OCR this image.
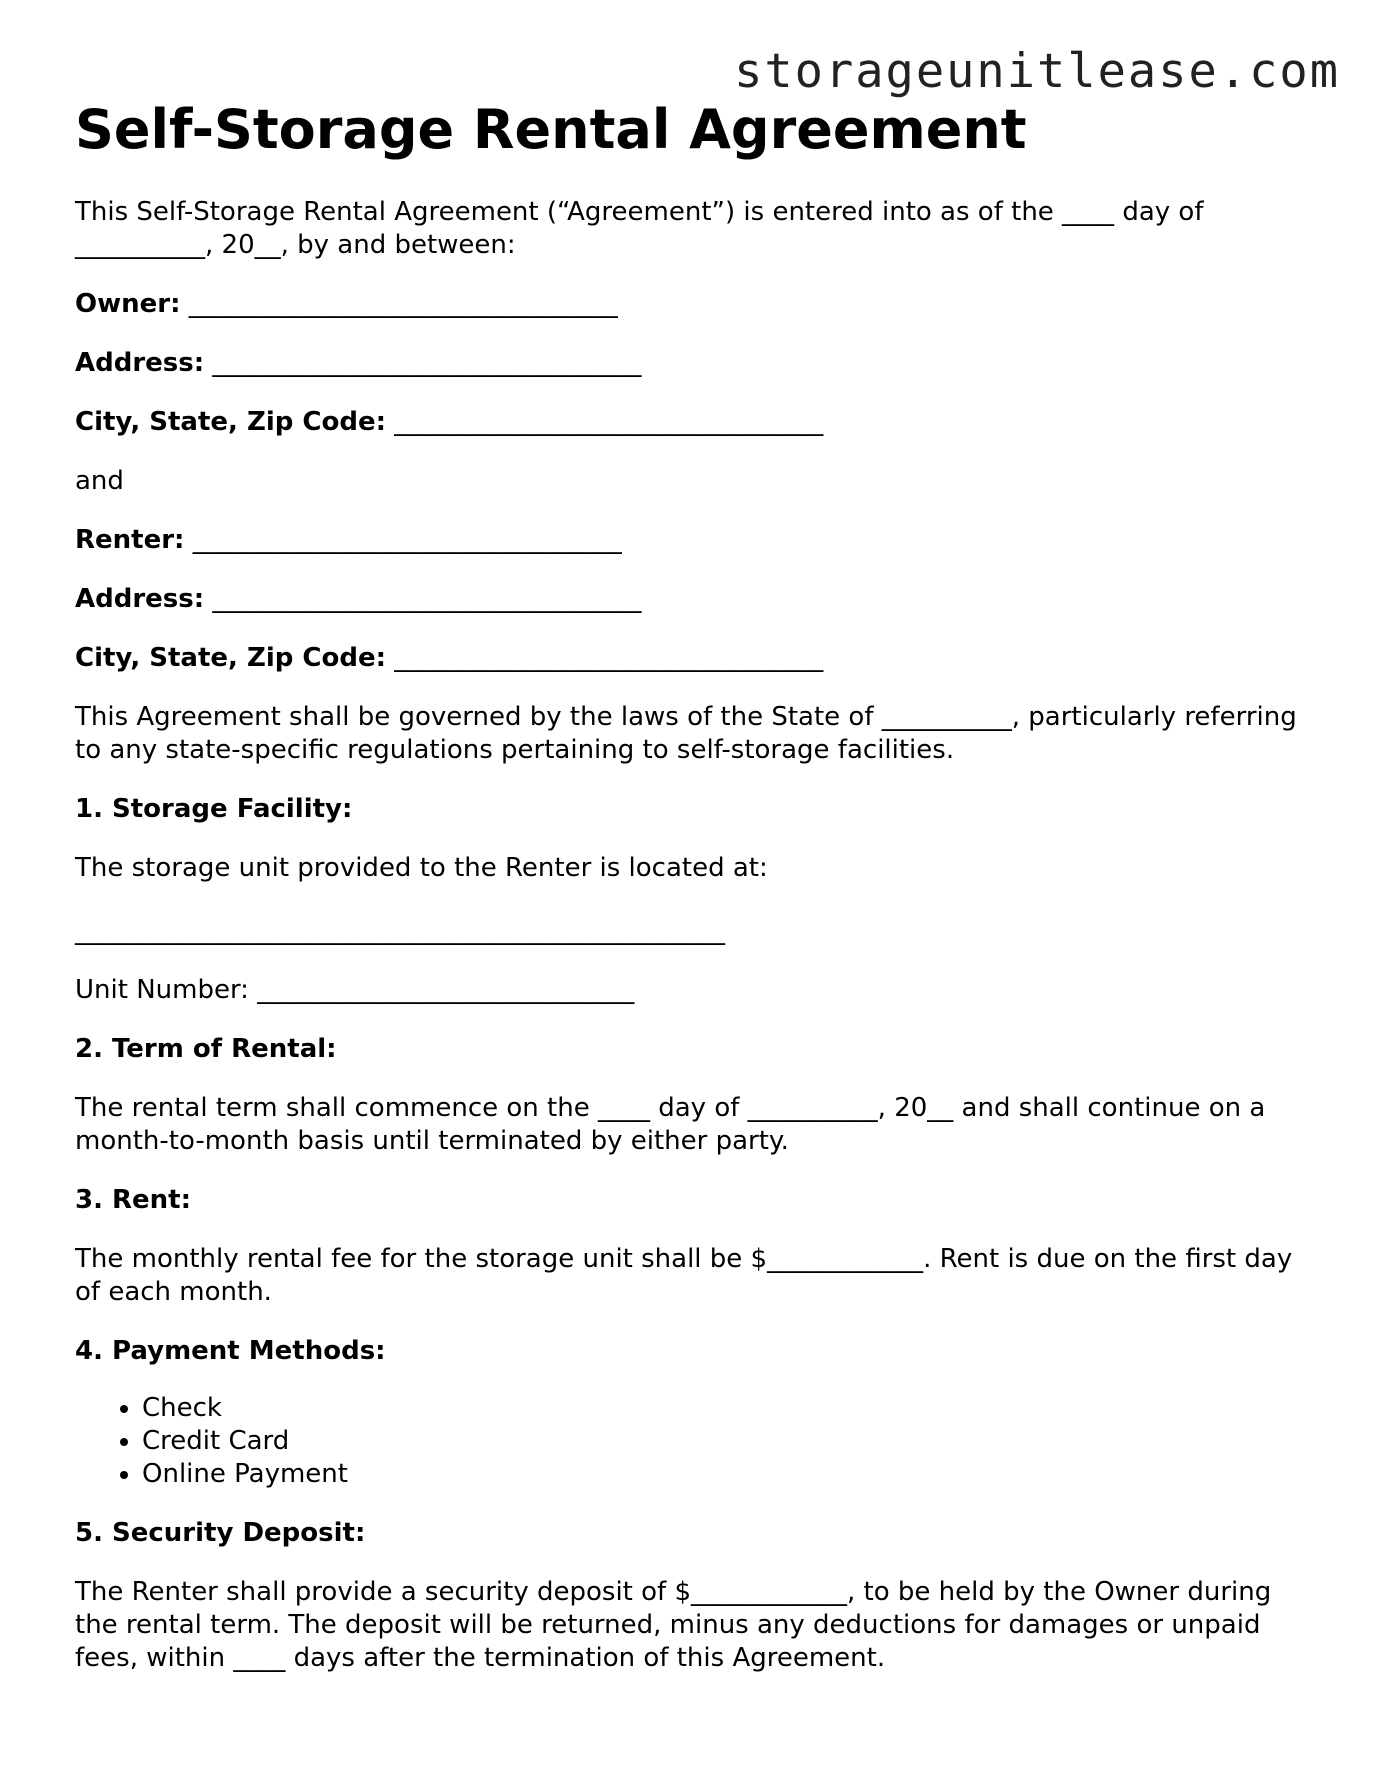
storageunitlease.com
Self-Storage Rental Agreement

This Self-Storage Rental Agreement (“Agreement”) is entered into as of the ____ day of __________, 20__, by and between:

Owner: _________________________________

Address: _________________________________

City, State, Zip Code: _________________________________

and

Renter: _________________________________

Address: _________________________________

City, State, Zip Code: _________________________________

This Agreement shall be governed by the laws of the State of __________, particularly referring to any state-specific regulations pertaining to self-storage facilities.

1. Storage Facility:

The storage unit provided to the Renter is located at:

__________________________________________________

Unit Number: _____________________________

2. Term of Rental:

The rental term shall commence on the ____ day of __________, 20__ and shall continue on a month-to-month basis until terminated by either party.

3. Rent:

The monthly rental fee for the storage unit shall be $____________. Rent is due on the first day of each month.

4. Payment Methods:

• Check
• Credit Card
• Online Payment

5. Security Deposit:

The Renter shall provide a security deposit of $____________, to be held by the Owner during the rental term. The deposit will be returned, minus any deductions for damages or unpaid fees, within ____ days after the termination of this Agreement.
